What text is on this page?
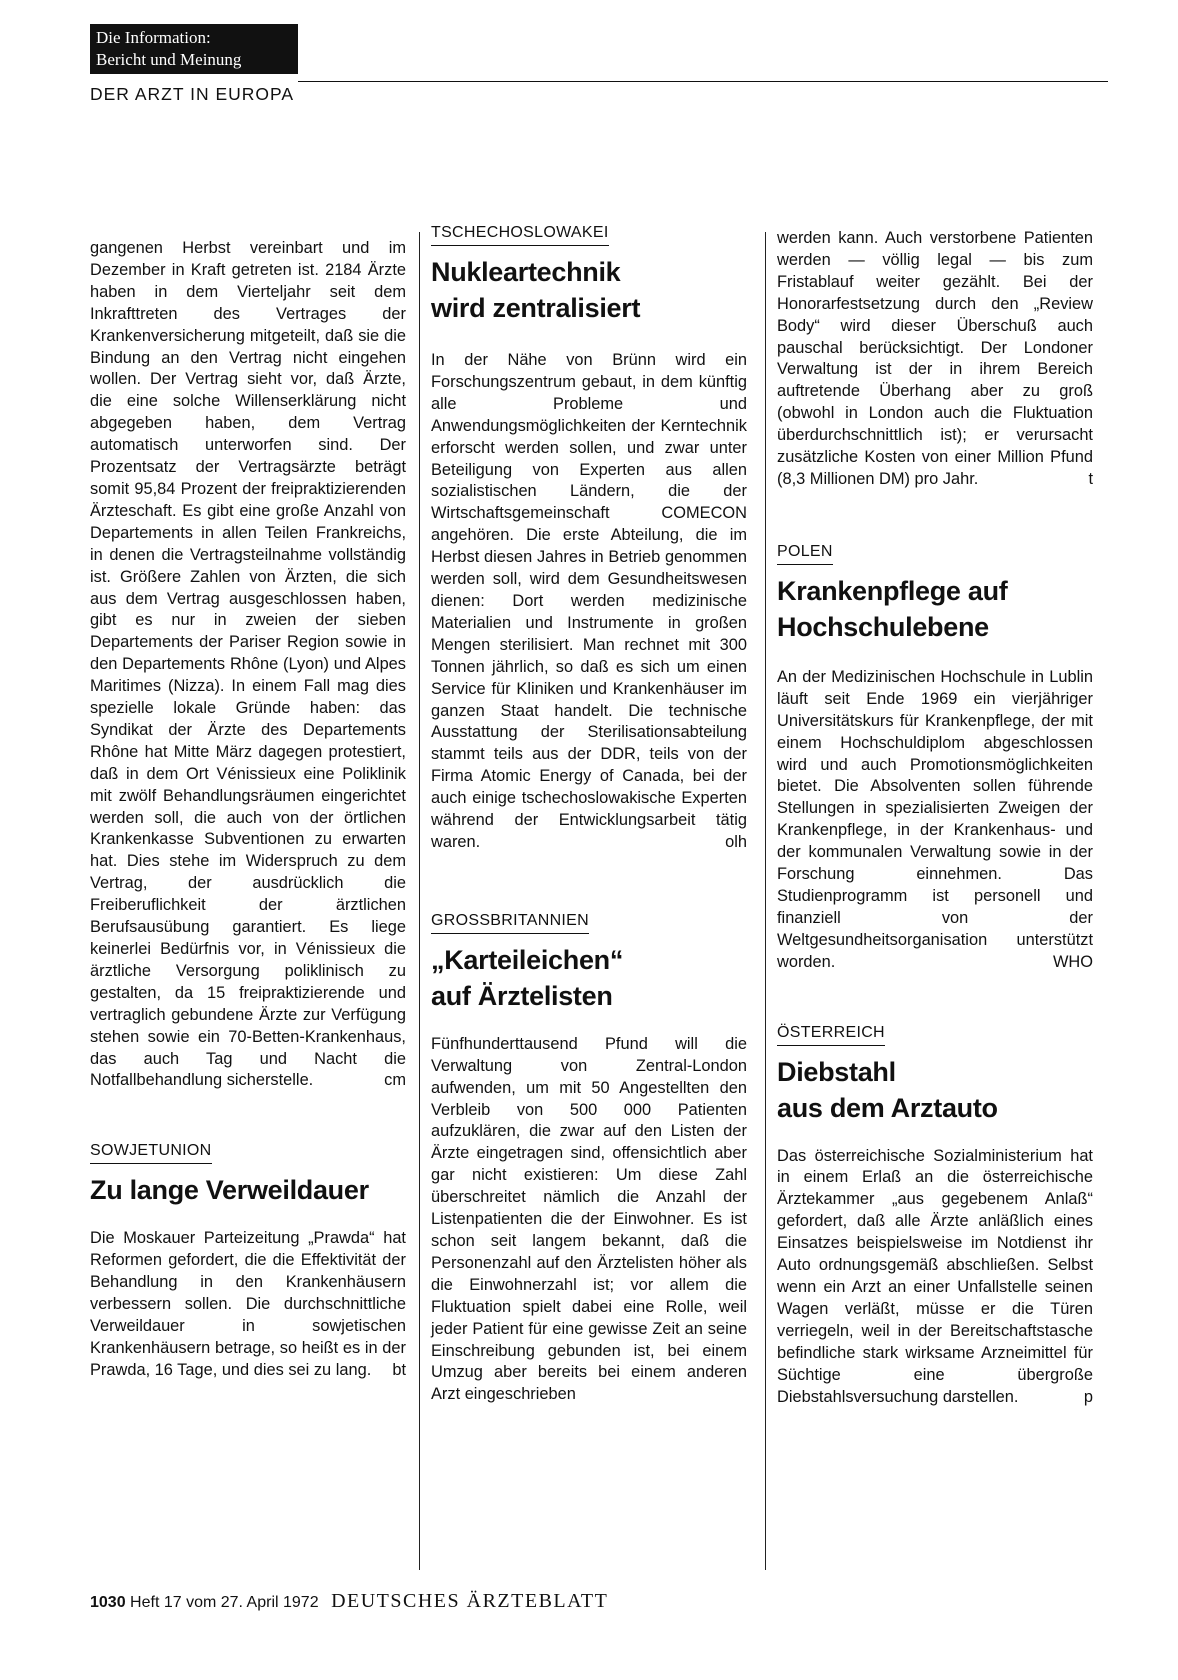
Die Information:
Bericht und Meinung
DER ARZT IN EUROPA

gangenen Herbst vereinbart und im Dezember in Kraft getreten ist. 2184 Ärzte haben in dem Vierteljahr seit dem Inkrafttreten des Vertrages der Krankenversicherung mitgeteilt, daß sie die Bindung an den Vertrag nicht eingehen wollen. Der Vertrag sieht vor, daß Ärzte, die eine solche Willenserklärung nicht abgegeben haben, dem Vertrag automatisch unterworfen sind. Der Prozentsatz der Vertragsärzte beträgt somit 95,84 Prozent der freipraktizierenden Ärzteschaft. Es gibt eine große Anzahl von Departements in allen Teilen Frankreichs, in denen die Vertragsteilnahme vollständig ist. Größere Zahlen von Ärzten, die sich aus dem Vertrag ausgeschlossen haben, gibt es nur in zweien der sieben Departements der Pariser Region sowie in den Departements Rhône (Lyon) und Alpes Maritimes (Nizza). In einem Fall mag dies spezielle lokale Gründe haben: das Syndikat der Ärzte des Departements Rhône hat Mitte März dagegen protestiert, daß in dem Ort Vénissieux eine Poliklinik mit zwölf Behandlungsräumen eingerichtet werden soll, die auch von der örtlichen Krankenkasse Subventionen zu erwarten hat. Dies stehe im Widerspruch zu dem Vertrag, der ausdrücklich die Freiberuflichkeit der ärztlichen Berufsausübung garantiert. Es liege keinerlei Bedürfnis vor, in Vénissieux die ärztliche Versorgung poliklinisch zu gestalten, da 15 freipraktizierende und vertraglich gebundene Ärzte zur Verfügung stehen sowie ein 70-Betten-Krankenhaus, das auch Tag und Nacht die Notfallbehandlung sicherstelle.	cm

SOWJETUNION
Zu lange Verweildauer

Die Moskauer Parteizeitung „Prawda“ hat Reformen gefordert, die die Effektivität der Behandlung in den Krankenhäusern verbessern sollen. Die durchschnittliche Verweildauer in sowjetischen Krankenhäusern betrage, so heißt es in der Prawda, 16 Tage, und dies sei zu lang. bt

TSCHECHOSLOWAKEI
Nukleartechnik
wird zentralisiert

In der Nähe von Brünn wird ein Forschungszentrum gebaut, in dem künftig alle Probleme und Anwendungsmöglichkeiten der Kerntechnik erforscht werden sollen, und zwar unter Beteiligung von Experten aus allen sozialistischen Ländern, die der Wirtschaftsgemeinschaft COMECON angehören. Die erste Abteilung, die im Herbst diesen Jahres in Betrieb genommen werden soll, wird dem Gesundheitswesen dienen: Dort werden medizinische Materialien und Instrumente in großen Mengen sterilisiert. Man rechnet mit 300 Tonnen jährlich, so daß es sich um einen Service für Kliniken und Krankenhäuser im ganzen Staat handelt. Die technische Ausstattung der Sterilisationsabteilung stammt teils aus der DDR, teils von der Firma Atomic Energy of Canada, bei der auch einige tschechoslowakische Experten während der Entwicklungsarbeit tätig waren.	olh

GROSSBRITANNIEN
„Karteileichen“
auf Ärztelisten

Fünfhunderttausend Pfund will die Verwaltung von Zentral-London aufwenden, um mit 50 Angestellten den Verbleib von 500 000 Patienten aufzuklären, die zwar auf den Listen der Ärzte eingetragen sind, offensichtlich aber gar nicht existieren: Um diese Zahl überschreitet nämlich die Anzahl der Listenpatienten die der Einwohner. Es ist schon seit langem bekannt, daß die Personenzahl auf den Ärztelisten höher als die Einwohnerzahl ist; vor allem die Fluktuation spielt dabei eine Rolle, weil jeder Patient für eine gewisse Zeit an seine Einschreibung gebunden ist, bei einem Umzug aber bereits bei einem anderen Arzt eingeschrieben

werden kann. Auch verstorbene Patienten werden — völlig legal — bis zum Fristablauf weiter gezählt. Bei der Honorarfestsetzung durch den „Review Body“ wird dieser Überschuß auch pauschal berücksichtigt. Der Londoner Verwaltung ist der in ihrem Bereich auftretende Überhang aber zu groß (obwohl in London auch die Fluktuation überdurchschnittlich ist); er verursacht zusätzliche Kosten von einer Million Pfund (8,3 Millionen DM) pro Jahr.	t

POLEN
Krankenpflege auf
Hochschulebene

An der Medizinischen Hochschule in Lublin läuft seit Ende 1969 ein vierjähriger Universitätskurs für Krankenpflege, der mit einem Hochschuldiplom abgeschlossen wird und auch Promotionsmöglichkeiten bietet. Die Absolventen sollen führende Stellungen in spezialisierten Zweigen der Krankenpflege, in der Krankenhaus- und der kommunalen Verwaltung sowie in der Forschung einnehmen. Das Studienprogramm ist personell und finanziell von der Weltgesundheitsorganisation unterstützt worden.	WHO

ÖSTERREICH
Diebstahl
aus dem Arztauto

Das österreichische Sozialministerium hat in einem Erlaß an die österreichische Ärztekammer „aus gegebenem Anlaß“ gefordert, daß alle Ärzte anläßlich eines Einsatzes beispielsweise im Notdienst ihr Auto ordnungsgemäß abschließen. Selbst wenn ein Arzt an einer Unfallstelle seinen Wagen verläßt, müsse er die Türen verriegeln, weil in der Bereitschaftstasche befindliche stark wirksame Arzneimittel für Süchtige eine übergroße Diebstahlsversuchung darstellen.	p

1030 Heft 17 vom 27. April 1972 DEUTSCHES ÄRZTEBLATT
